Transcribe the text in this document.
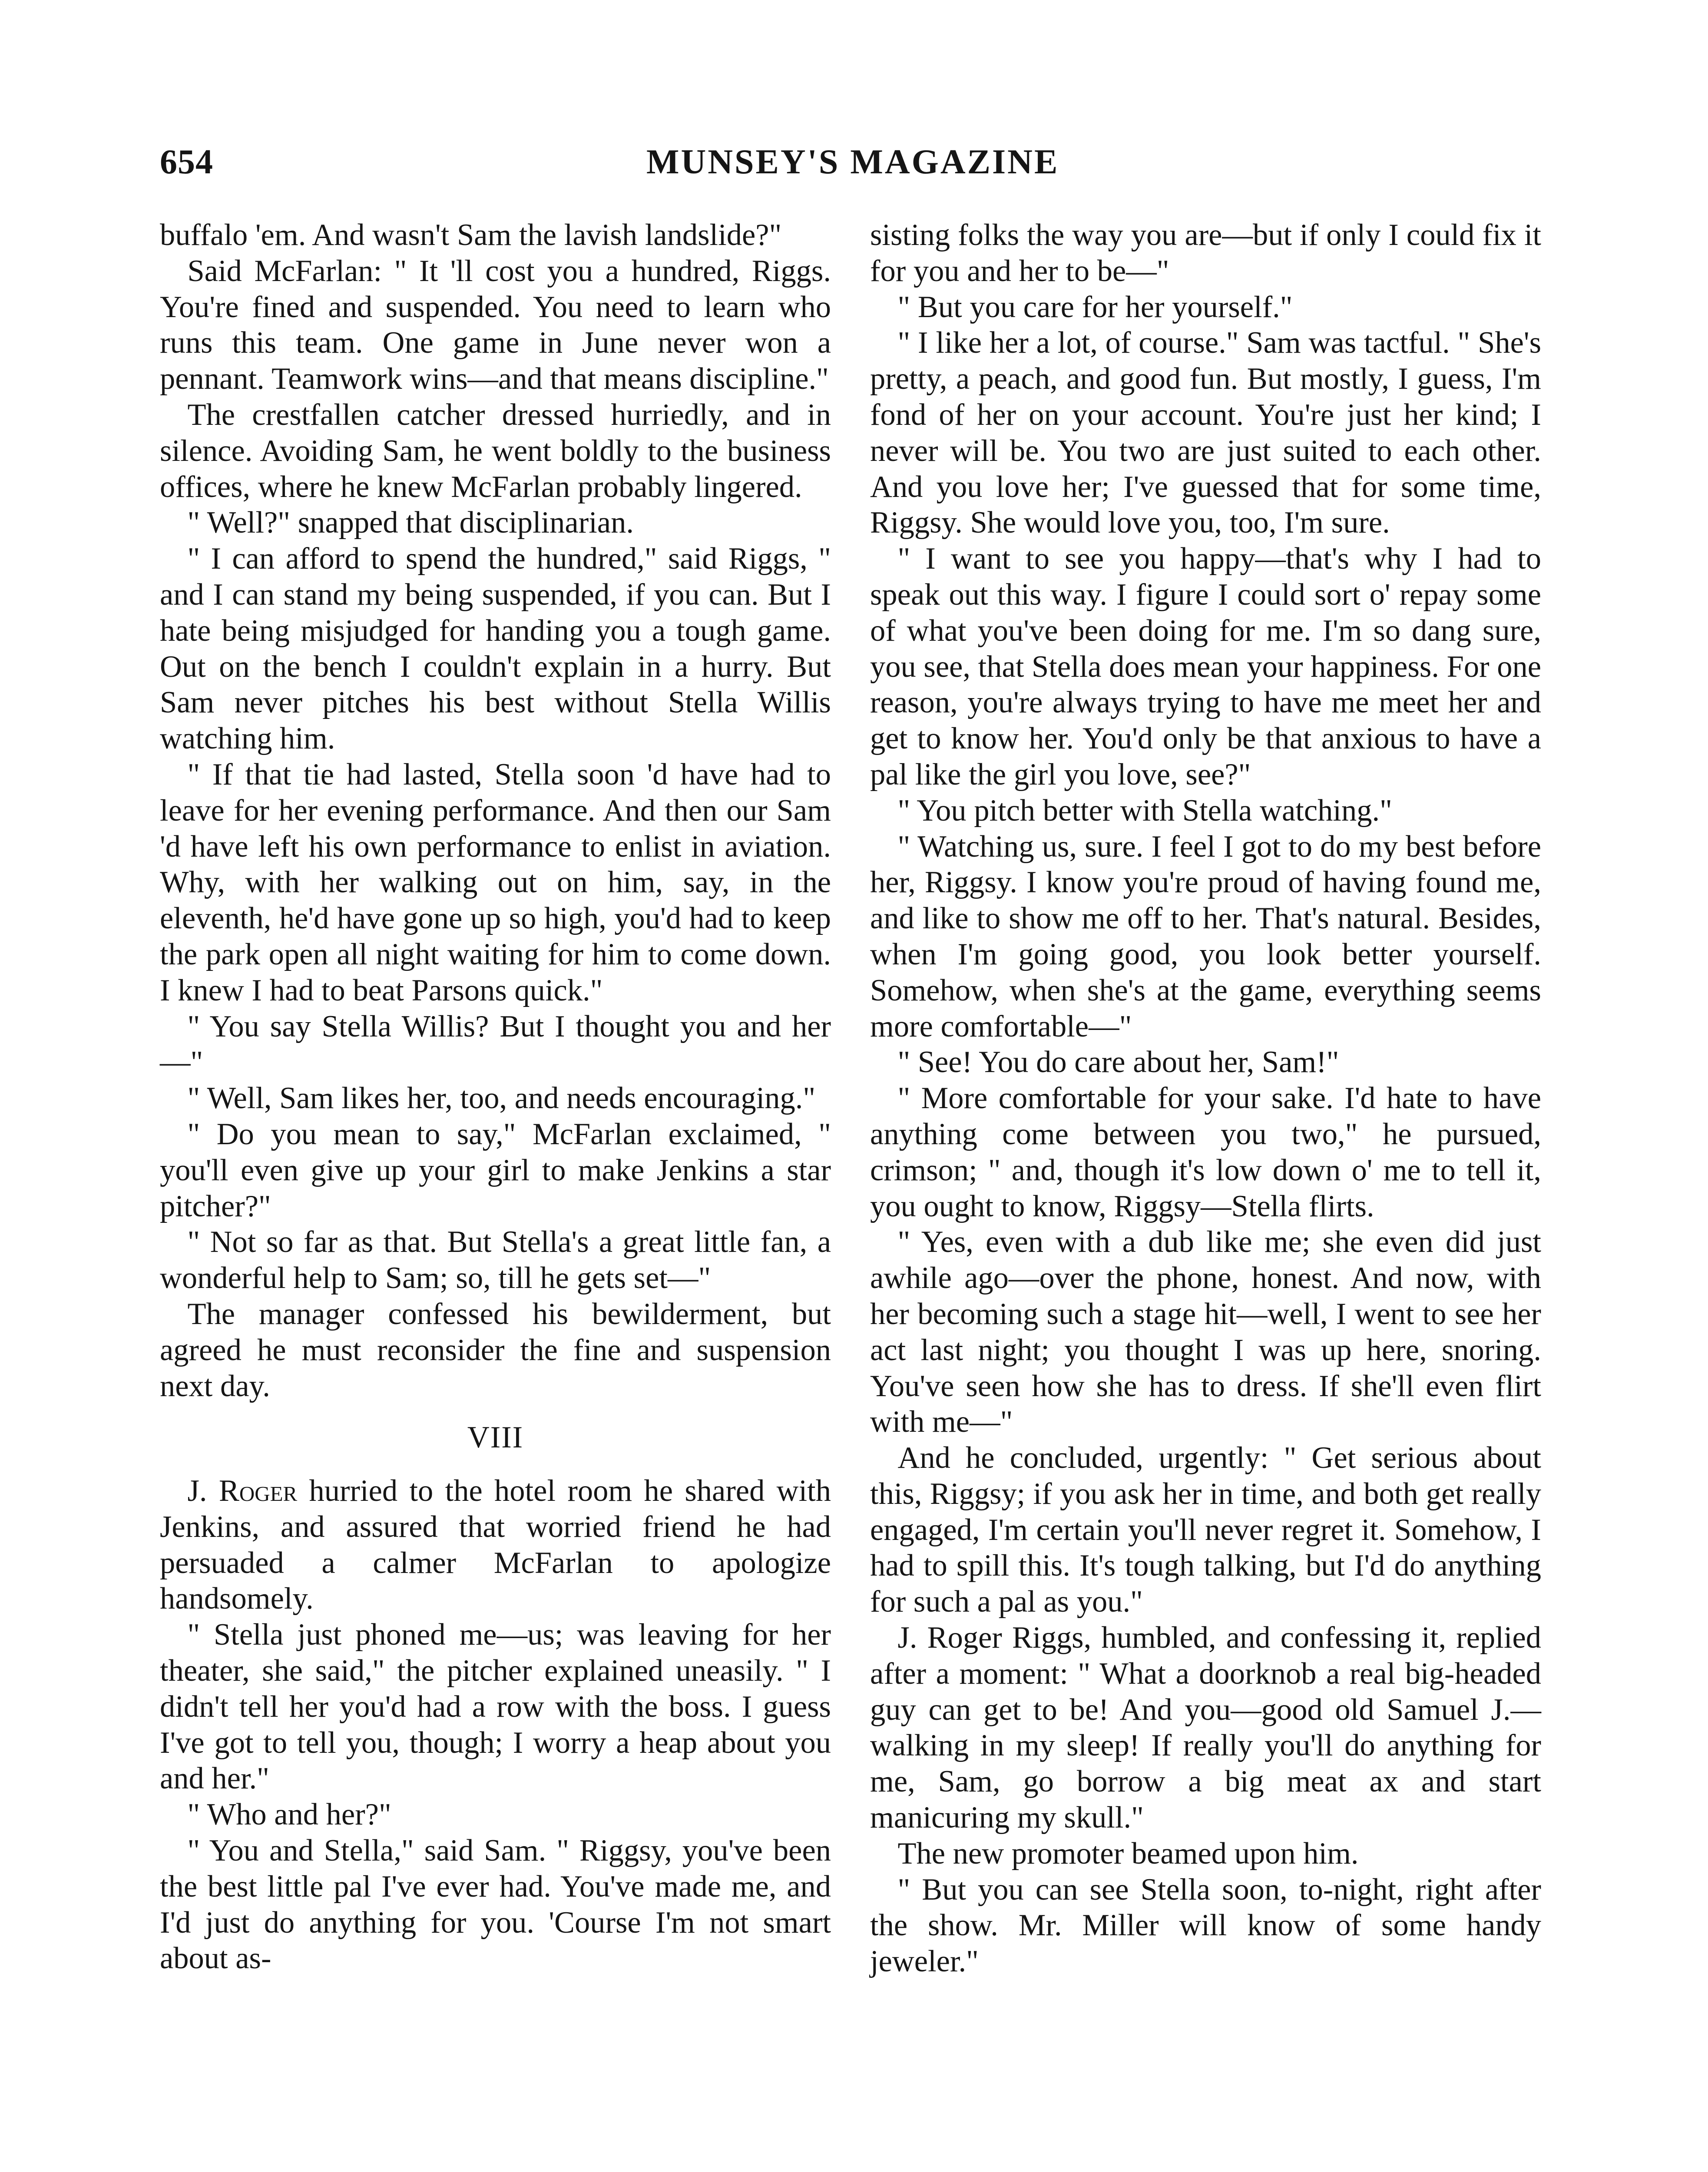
654	MUNSEY'S MAGAZINE

buffalo 'em. And wasn't Sam the lavish landslide?"

Said McFarlan: " It 'll cost you a hundred, Riggs. You're fined and suspended. You need to learn who runs this team. One game in June never won a pennant. Teamwork wins—and that means discipline."

The crestfallen catcher dressed hurriedly, and in silence. Avoiding Sam, he went boldly to the business offices, where he knew McFarlan probably lingered.

" Well?" snapped that disciplinarian.

" I can afford to spend the hundred," said Riggs, " and I can stand my being suspended, if you can. But I hate being misjudged for handing you a tough game. Out on the bench I couldn't explain in a hurry. But Sam never pitches his best without Stella Willis watching him.

" If that tie had lasted, Stella soon 'd have had to leave for her evening performance. And then our Sam 'd have left his own performance to enlist in aviation. Why, with her walking out on him, say, in the eleventh, he'd have gone up so high, you'd had to keep the park open all night waiting for him to come down. I knew I had to beat Parsons quick."

" You say Stella Willis? But I thought you and her—"

" Well, Sam likes her, too, and needs encouraging."

" Do you mean to say," McFarlan exclaimed, " you'll even give up your girl to make Jenkins a star pitcher?"

" Not so far as that. But Stella's a great little fan, a wonderful help to Sam; so, till he gets set—"

The manager confessed his bewilderment, but agreed he must reconsider the fine and suspension next day.

VIII

J. Roger hurried to the hotel room he shared with Jenkins, and assured that worried friend he had persuaded a calmer McFarlan to apologize handsomely.

" Stella just phoned me—us; was leaving for her theater, she said," the pitcher explained uneasily. " I didn't tell her you'd had a row with the boss. I guess I've got to tell you, though; I worry a heap about you and her."

" Who and her?"

" You and Stella," said Sam. " Riggsy, you've been the best little pal I've ever had. You've made me, and I'd just do anything for you. 'Course I'm not smart about as-

sisting folks the way you are—but if only I could fix it for you and her to be—"

" But you care for her yourself."

" I like her a lot, of course." Sam was tactful. " She's pretty, a peach, and good fun. But mostly, I guess, I'm fond of her on your account. You're just her kind; I never will be. You two are just suited to each other. And you love her; I've guessed that for some time, Riggsy. She would love you, too, I'm sure.

" I want to see you happy—that's why I had to speak out this way. I figure I could sort o' repay some of what you've been doing for me. I'm so dang sure, you see, that Stella does mean your happiness. For one reason, you're always trying to have me meet her and get to know her. You'd only be that anxious to have a pal like the girl you love, see?"

" You pitch better with Stella watching."

" Watching us, sure. I feel I got to do my best before her, Riggsy. I know you're proud of having found me, and like to show me off to her. That's natural. Besides, when I'm going good, you look better yourself. Somehow, when she's at the game, everything seems more comfortable—"

" See! You do care about her, Sam!"

" More comfortable for your sake. I'd hate to have anything come between you two," he pursued, crimson; " and, though it's low down o' me to tell it, you ought to know, Riggsy—Stella flirts.

" Yes, even with a dub like me; she even did just awhile ago—over the phone, honest. And now, with her becoming such a stage hit—well, I went to see her act last night; you thought I was up here, snoring. You've seen how she has to dress. If she'll even flirt with me—"

And he concluded, urgently: " Get serious about this, Riggsy; if you ask her in time, and both get really engaged, I'm certain you'll never regret it. Somehow, I had to spill this. It's tough talking, but I'd do anything for such a pal as you."

J. Roger Riggs, humbled, and confessing it, replied after a moment: " What a doorknob a real big-headed guy can get to be! And you—good old Samuel J.—walking in my sleep! If really you'll do anything for me, Sam, go borrow a big meat ax and start manicuring my skull."

The new promoter beamed upon him.

" But you can see Stella soon, to-night, right after the show. Mr. Miller will know of some handy jeweler."
